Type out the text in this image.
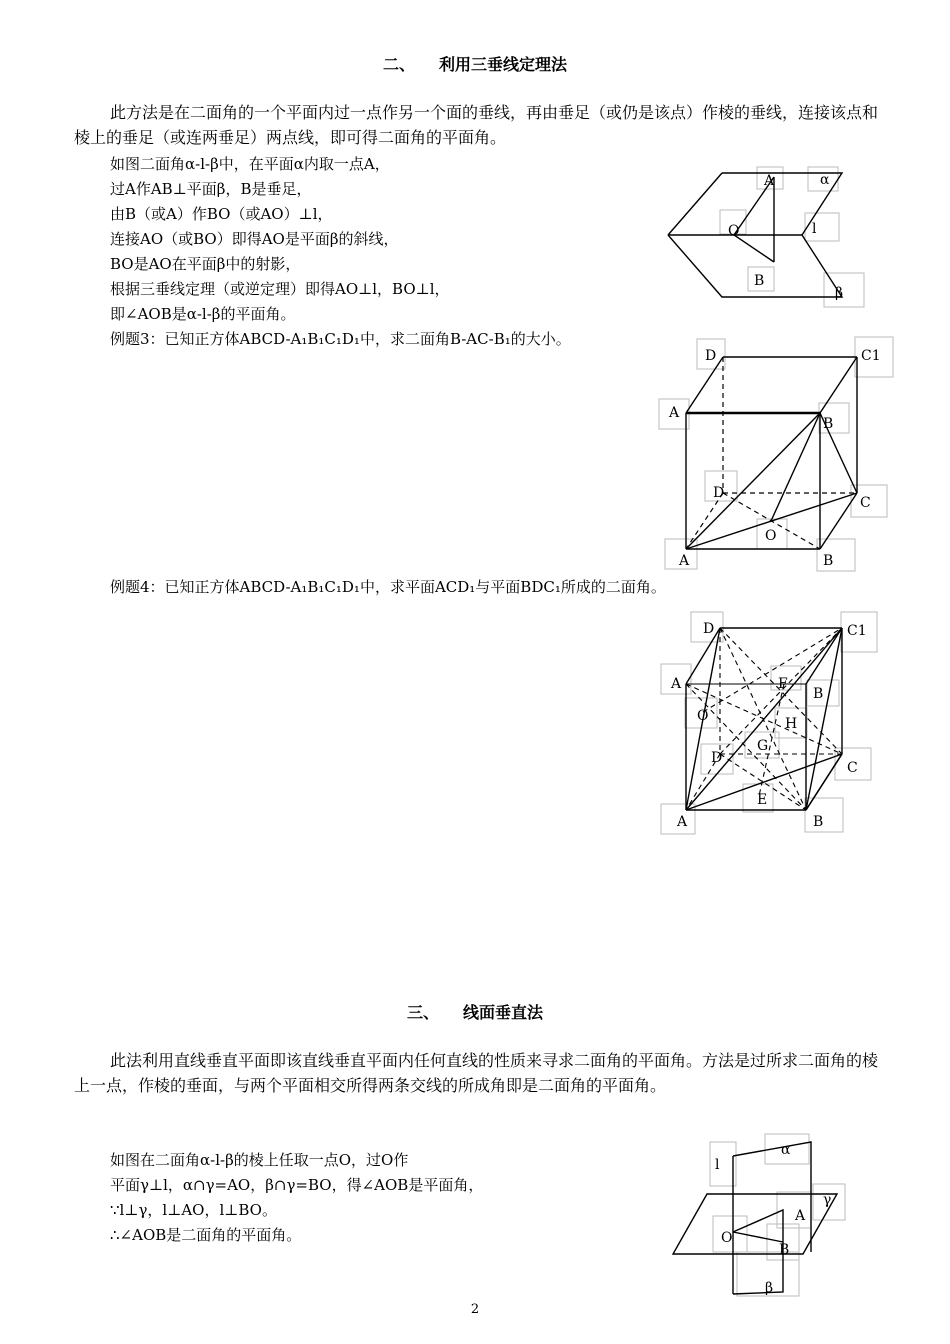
二、　　利用三垂线定理法
此方法是在二面角的一个平面内过一点作另一个面的垂线，再由垂足（或仍是该点）作棱的垂线，连接该点和棱上的垂足（或连两垂足）两点线，即可得二面角的平面角。
如图二面角α-l-β中，在平面α内取一点A，
过A作AB⊥平面β，B是垂足，
由B（或A）作BO（或AO）⊥l，
连接AO（或BO）即得AO是平面β的斜线，
BO是AO在平面β中的射影，
根据三垂线定理（或逆定理）即得AO⊥l，BO⊥l，
即∠AOB是α-l-β的平面角。
例题3：已知正方体ABCD-A₁B₁C₁D₁中，求二面角B-AC-B₁的大小。
A	α
O	l
B
β
D	C1
A
B
D
C
O
A	B
例题4：已知正方体ABCD-A₁B₁C₁D₁中，求平面ACD₁与平面BDC₁所成的二面角。
D	C1
A	F
B
O	H
G
D
C
E
A	B
三、　　线面垂直法
此法利用直线垂直平面即该直线垂直平面内任何直线的性质来寻求二面角的平面角。方法是过所求二面角的棱上一点，作棱的垂面，与两个平面相交所得两条交线的所成角即是二面角的平面角。
如图在二面角α-l-β的棱上任取一点O，过O作
平面γ⊥l，α∩γ=AO，β∩γ=BO，得∠AOB是平面角，
∵l⊥γ，l⊥AO，l⊥BO。
∴∠AOB是二面角的平面角。
l
α
γ
A
O
B
β
2
